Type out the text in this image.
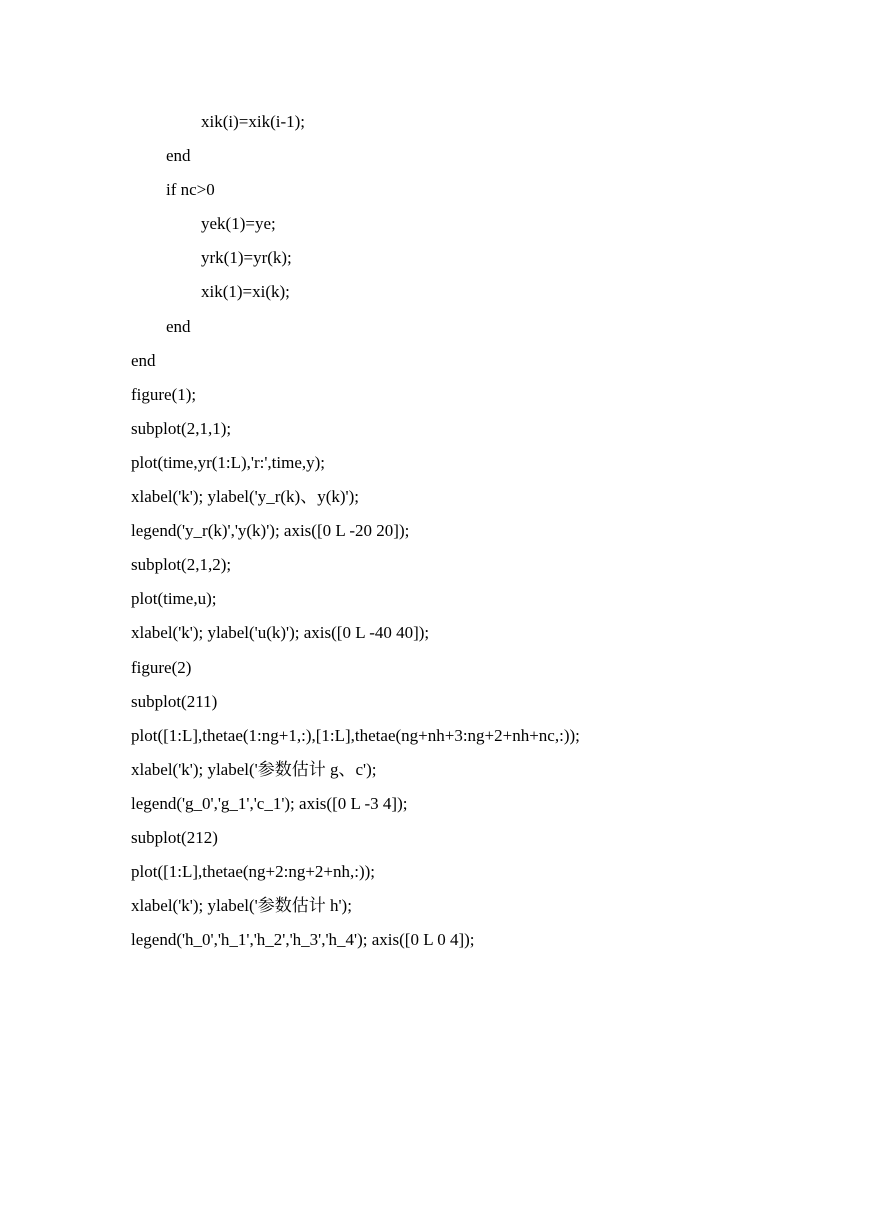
xik(i)=xik(i-1);
end
if nc>0
yek(1)=ye;
yrk(1)=yr(k);
xik(1)=xi(k);
end
end
figure(1);
subplot(2,1,1);
plot(time,yr(1:L),'r:',time,y);
xlabel('k'); ylabel('y_r(k)、y(k)');
legend('y_r(k)','y(k)'); axis([0 L -20 20]);
subplot(2,1,2);
plot(time,u);
xlabel('k'); ylabel('u(k)'); axis([0 L -40 40]);
figure(2)
subplot(211)
plot([1:L],thetae(1:ng+1,:),[1:L],thetae(ng+nh+3:ng+2+nh+nc,:));
xlabel('k'); ylabel('参数估计 g、c');
legend('g_0','g_1','c_1'); axis([0 L -3 4]);
subplot(212)
plot([1:L],thetae(ng+2:ng+2+nh,:));
xlabel('k'); ylabel('参数估计 h');
legend('h_0','h_1','h_2','h_3','h_4'); axis([0 L 0 4]);
